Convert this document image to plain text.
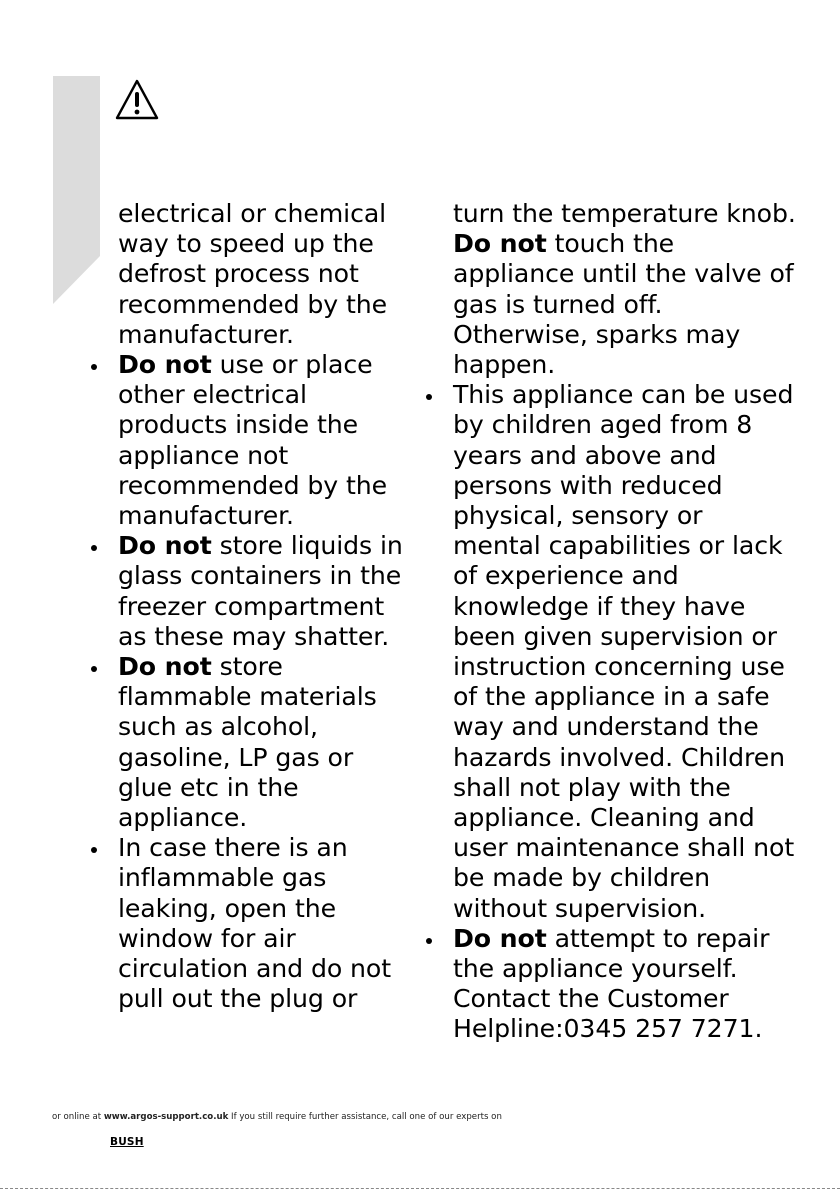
electrical or chemical way to speed up the defrost process not recommended by the manufacturer.
Do not use or place other electrical products inside the appliance not recommended by the manufacturer.
Do not store liquids in glass containers in the freezer compartment as these may shatter.
Do not store flammable materials such as alcohol, gasoline, LP gas or glue etc in the appliance.
In case there is an inflammable gas leaking, open the window for air circulation and do not pull out the plug or
turn the temperature knob. Do not touch the appliance until the valve of gas is turned off. Otherwise, sparks may happen.
This appliance can be used by children aged from 8 years and above and persons with reduced physical, sensory or mental capabilities or lack of experience and knowledge if they have been given supervision or instruction concerning use of the appliance in a safe way and understand the hazards involved. Children shall not play with the appliance. Cleaning and user maintenance shall not be made by children without supervision.
Do not attempt to repair the appliance yourself. Contact the Customer Helpline:0345 257 7271.
or online at www.argos-support.co.uk If you still require further assistance, call one of our experts on
BUSH
